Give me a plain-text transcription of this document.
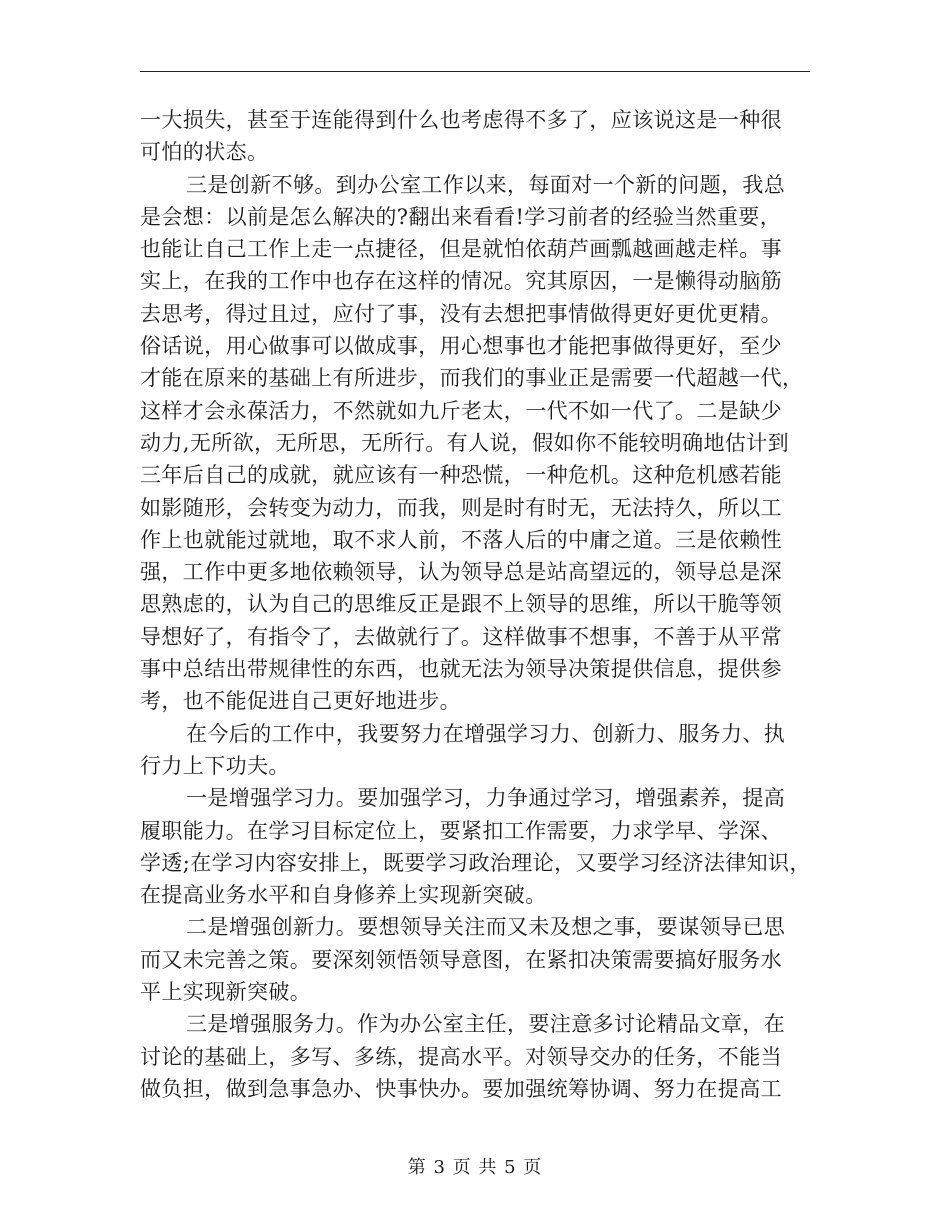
一大损失，甚至于连能得到什么也考虑得不多了，应该说这是一种很
可怕的状态。
三是创新不够。到办公室工作以来，每面对一个新的问题，我总
是会想：以前是怎么解决的?翻出来看看!学习前者的经验当然重要，
也能让自己工作上走一点捷径，但是就怕依葫芦画瓢越画越走样。事
实上，在我的工作中也存在这样的情况。究其原因，一是懒得动脑筋
去思考，得过且过，应付了事，没有去想把事情做得更好更优更精。
俗话说，用心做事可以做成事，用心想事也才能把事做得更好，至少
才能在原来的基础上有所进步，而我们的事业正是需要一代超越一代，
这样才会永葆活力，不然就如九斤老太，一代不如一代了。二是缺少
动力,无所欲，无所思，无所行。有人说，假如你不能较明确地估计到
三年后自己的成就，就应该有一种恐慌，一种危机。这种危机感若能
如影随形，会转变为动力，而我，则是时有时无，无法持久，所以工
作上也就能过就地，取不求人前，不落人后的中庸之道。三是依赖性
强，工作中更多地依赖领导，认为领导总是站高望远的，领导总是深
思熟虑的，认为自己的思维反正是跟不上领导的思维，所以干脆等领
导想好了，有指令了，去做就行了。这样做事不想事，不善于从平常
事中总结出带规律性的东西，也就无法为领导决策提供信息，提供参
考，也不能促进自己更好地进步。
在今后的工作中，我要努力在增强学习力、创新力、服务力、执
行力上下功夫。
一是增强学习力。要加强学习，力争通过学习，增强素养，提高
履职能力。在学习目标定位上，要紧扣工作需要，力求学早、学深、
学透;在学习内容安排上，既要学习政治理论，又要学习经济法律知识，
在提高业务水平和自身修养上实现新突破。
二是增强创新力。要想领导关注而又未及想之事，要谋领导已思
而又未完善之策。要深刻领悟领导意图，在紧扣决策需要搞好服务水
平上实现新突破。
三是增强服务力。作为办公室主任，要注意多讨论精品文章，在
讨论的基础上，多写、多练，提高水平。对领导交办的任务，不能当
做负担，做到急事急办、快事快办。要加强统筹协调、努力在提高工
第 3 页 共 5 页
